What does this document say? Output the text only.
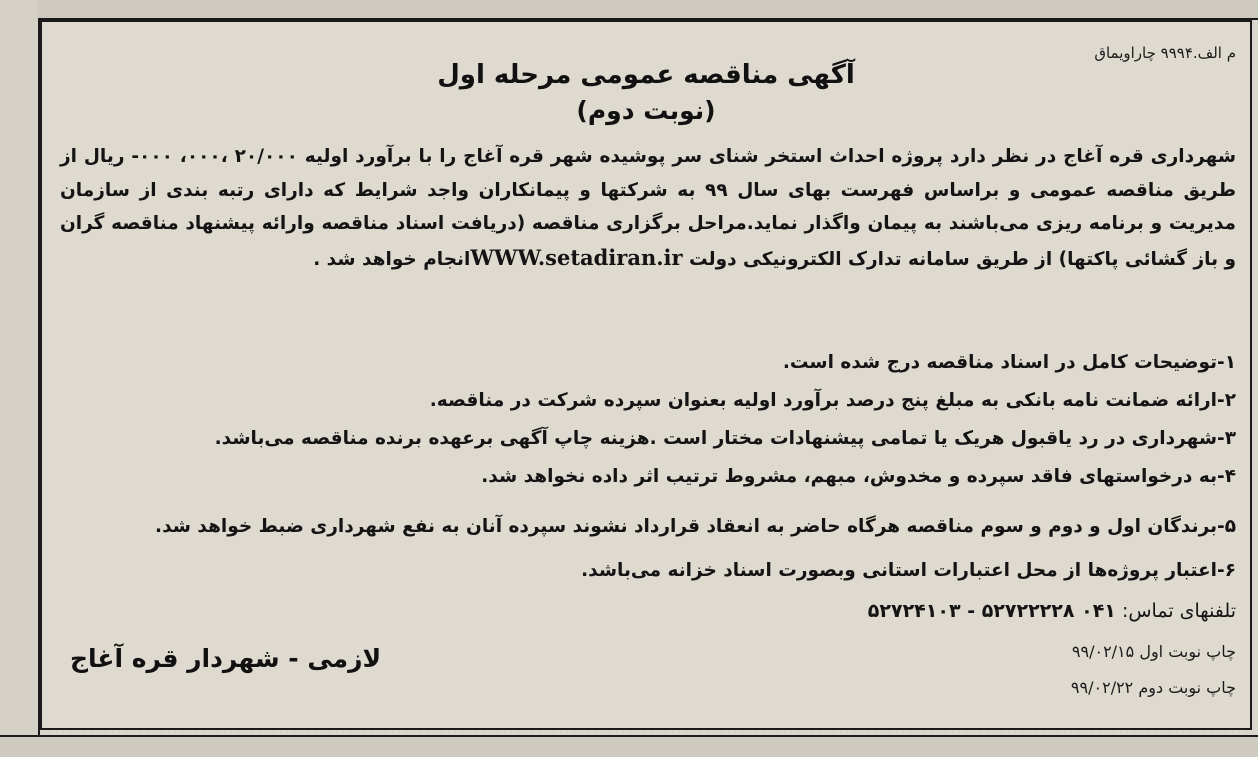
م الف.۹۹۹۴ چاراویماق
آگهی مناقصه عمومی مرحله اول
(نوبت دوم)
شهرداری قره آغاج در نظر دارد پروژه احداث استخر شنای سر پوشیده شهر قره آغاج را با برآورد اولیه ۲۰/۰۰۰ ،۰۰۰، ۰۰۰- ریال از طریق مناقصه عمومی و براساس فهرست بهای سال ۹۹ به شرکتها و پیمانکاران واجد شرایط که دارای رتبه بندی از سازمان مدیریت و برنامه ریزی می‌باشند به پیمان واگذار نماید.مراحل برگزاری مناقصه (دریافت اسناد مناقصه وارائه پیشنهاد مناقصه گران و باز گشائی پاکتها) از طریق سامانه تدارک الکترونیکی دولت WWW.setadiran.irانجام خواهد شد .
۱-توضیحات کامل در اسناد مناقصه درج شده است.
۲-ارائه ضمانت نامه بانکی به مبلغ پنج درصد برآورد اولیه بعنوان سپرده شرکت در مناقصه.
۳-شهرداری در رد یاقبول هریک یا تمامی پیشنهادات مختار است .هزینه چاپ آگهی برعهده برنده مناقصه می‌باشد.
۴-به درخواستهای فاقد سپرده و مخدوش، مبهم، مشروط ترتیب اثر داده نخواهد شد.
۵-برندگان اول و دوم و سوم مناقصه هرگاه حاضر به انعقاد قرارداد نشوند سپرده آنان به نفع شهرداری ضبط خواهد شد.
۶-اعتبار پروژه‌ها از محل اعتبارات استانی وبصورت اسناد خزانه می‌باشد.
تلفنهای تماس: ۰۴۱ ۵۲۷۲۲۲۲۸ - ۵۲۷۲۴۱۰۳
چاپ نوبت اول ۹۹/۰۲/۱۵
چاپ نوبت دوم ۹۹/۰۲/۲۲
لازمی - شهردار قره آغاج
